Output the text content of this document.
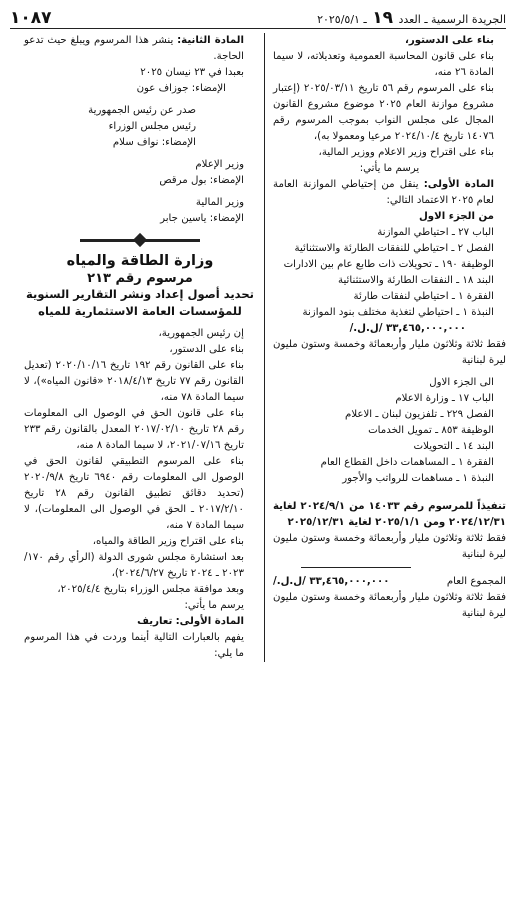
الجريدة الرسمية ـ العدد ١٩ ـ ٢٠٢٥/٥/١
١٠٨٧

بناء على الدستور،

بناء على قانون المحاسبة العمومية وتعديلاته، لا سيما المادة ٢٦ منه،

بناء على المرسوم رقم ٥٦ تاريخ ٢٠٢٥/٠٣/١١ (إعتبار مشروع موازنة العام ٢٠٢٥ موضوع مشروع القانون المجال على مجلس النواب بموجب المرسوم رقم ١٤٠٧٦ تاريخ ٢٠٢٤/١٠/٤ مرعيا ومعمولا به)،

بناء على اقتراح وزير الاعلام ووزير المالية،

يرسم ما يأتي:

المادة الأولى: ينقل من إحتياطي الموازنة العامة لعام ٢٠٢٥ الاعتماد التالي:

من الجزء الاول

الباب ٢٧ ـ احتياطي الموازنة

الفصل ٢ ـ احتياطي للنفقات الطارئة والاستثنائية

الوظيفة ١٩٠ ـ تحويلات ذات طابع عام بين الادارات

البند ١٨ ـ النفقات الطارئة والاستثنائية

الفقرة ١ ـ احتياطي لنفقات طارئة

النبذة ١ ـ احتياطي لتغذية مختلف بنود الموازنة

٣٣,٤٦٥,٠٠٠,٠٠٠ /ل.ل./

فقط ثلاثة وثلاثون مليار وأربعمائة وخمسة وستون مليون ليرة لبنانية

الى الجزء الاول

الباب ١٧ ـ وزارة الاعلام

الفصل ٢٢٩ ـ تلفزيون لبنان ـ الاعلام

الوظيفة ٨٥٣ ـ تمويل الخدمات

البند ١٤ ـ التحويلات

الفقرة ١ ـ المساهمات داخل القطاع العام

النبذة ١ ـ مساهمات للرواتب والأجور

تنفيذاً للمرسوم رقم ١٤٠٣٣ من ٢٠٢٤/٩/١ لغاية ٢٠٢٤/١٢/٣١ ومن ٢٠٢٥/١/١ لغاية ٢٠٢٥/١٢/٣١

فقط ثلاثة وثلاثون مليار وأربعمائة وخمسة وستون مليون ليرة لبنانية

المجموع العام
٣٣,٤٦٥,٠٠٠,٠٠٠ /ل.ل./

فقط ثلاثة وثلاثون مليار وأربعمائة وخمسة وستون مليون ليرة لبنانية

المادة الثانية: ينشر هذا المرسوم ويبلغ حيث تدعو الحاجة.

بعبدا في ٢٣ نيسان ٢٠٢٥

الإمضاء: جوزاف عون

صدر عن رئيس الجمهورية

رئيس مجلس الوزراء

الإمضاء: نواف سلام

وزير الإعلام

الإمضاء: بول مرقص

وزير المالية

الإمضاء: ياسين جابر

وزارة الطاقة والمياه
مرسوم رقم ٢١٣
تحديد أصول إعداد ونشر التقارير السنوية للمؤسسات العامة الاستثمارية للمياه

إن رئيس الجمهورية،

بناء على الدستور،

بناء على القانون رقم ١٩٢ تاريخ ٢٠٢٠/١٠/١٦ (تعديل القانون رقم ٧٧ تاريخ ٢٠١٨/٤/١٣ «قانون المياه»)، لا سيما المادة ٧٨ منه،

بناء على قانون الحق في الوصول الى المعلومات رقم ٢٨ تاريخ ٢٠١٧/٠٢/١٠ المعدل بالقانون رقم ٢٣٣ تاريخ ٢٠٢١/٠٧/١٦، لا سيما المادة ٨ منه،

بناء على المرسوم التطبيقي لقانون الحق في الوصول الى المعلومات رقم ٦٩٤٠ تاريخ ٢٠٢٠/٩/٨ (تحديد دقائق تطبيق القانون رقم ٢٨ تاريخ ٢٠١٧/٢/١٠ ـ الحق في الوصول الى المعلومات)، لا سيما المادة ٧ منه،

بناء على اقتراح وزير الطاقة والمياه،

بعد استشارة مجلس شورى الدولة (الرأي رقم ١٧٠/ ٢٠٢٣ ـ ٢٠٢٤ تاريخ ٢٠٢٤/٦/٢٧)،

وبعد موافقة مجلس الوزراء بتاريخ ٢٠٢٥/٤/٤،

يرسم ما يأتي:

المادة الأولى: تعاريف

يفهم بالعبارات التالية أينما وردت في هذا المرسوم ما يلي:
